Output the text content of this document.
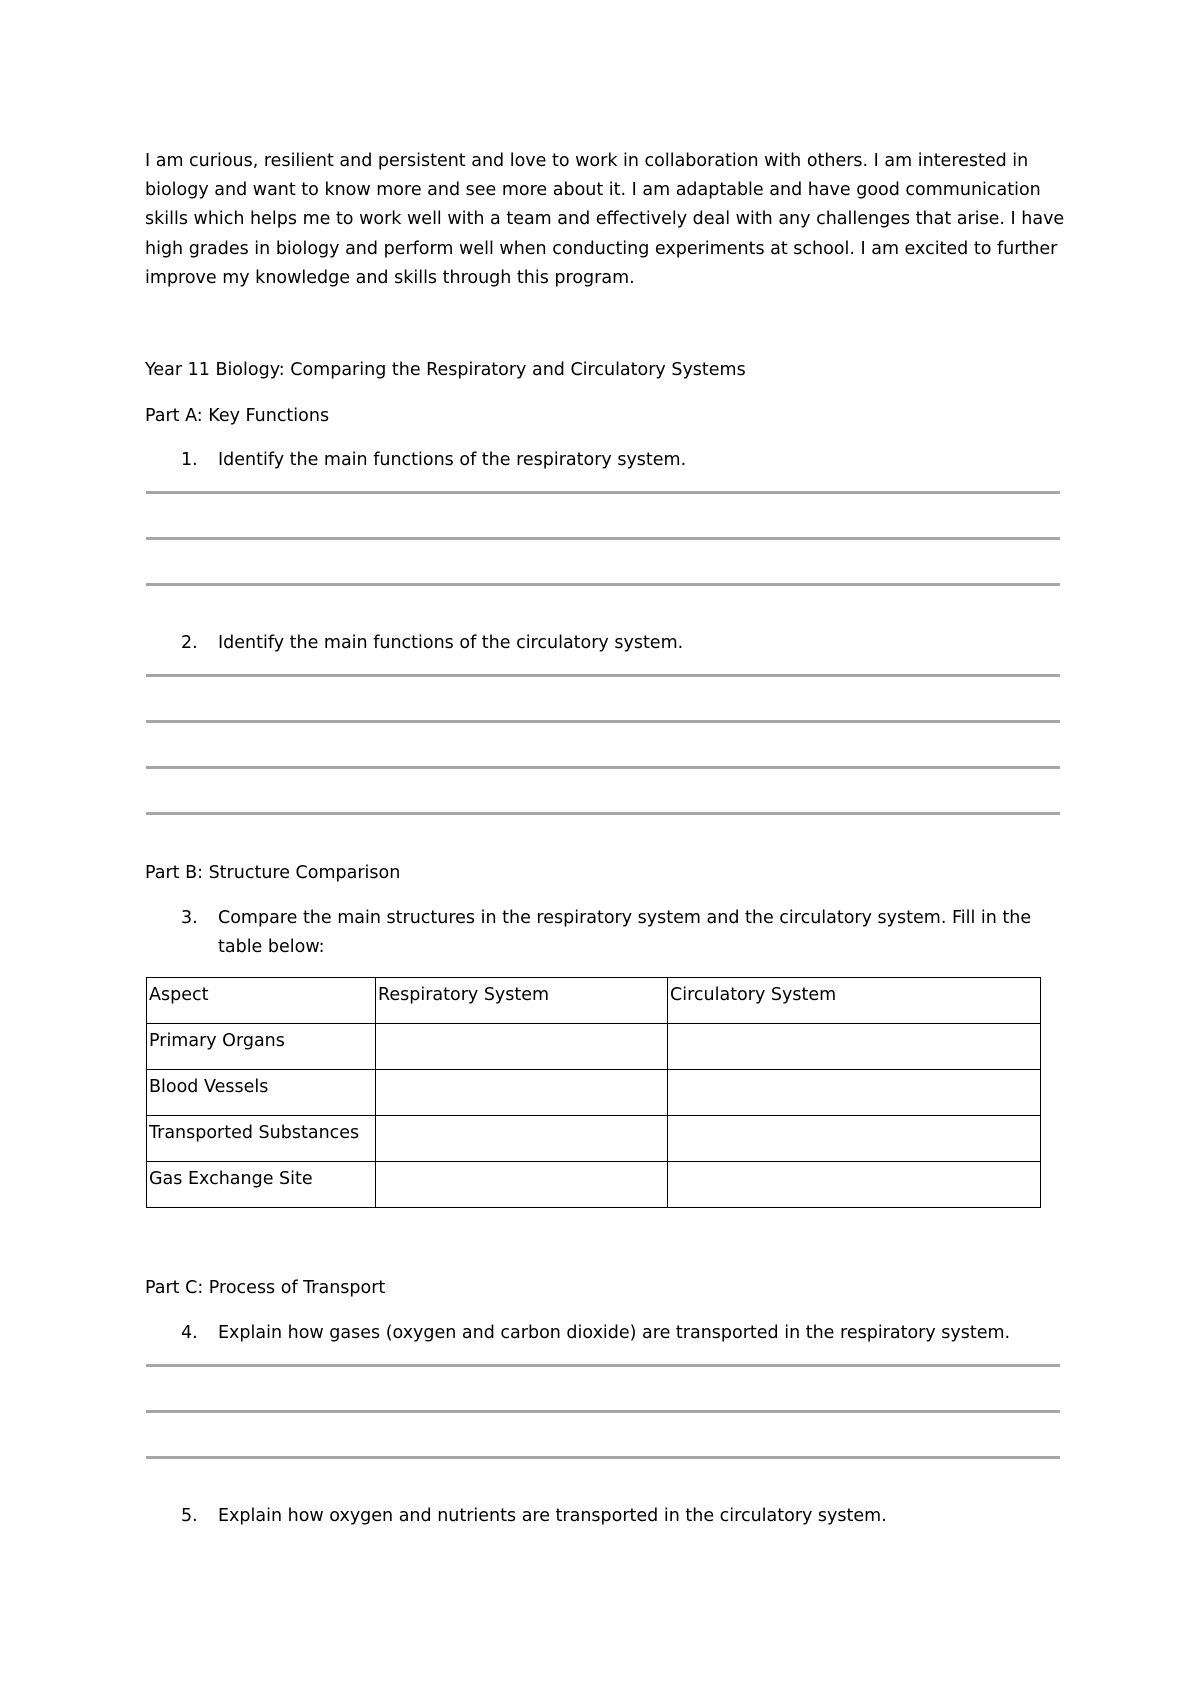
I am curious, resilient and persistent and love to work in collaboration with others. I am interested in biology and want to know more and see more about it. I am adaptable and have good communication skills which helps me to work well with a team and effectively deal with any challenges that arise. I have high grades in biology and perform well when conducting experiments at school. I am excited to further improve my knowledge and skills through this program.

Year 11 Biology: Comparing the Respiratory and Circulatory Systems

Part A: Key Functions

1. Identify the main functions of the respiratory system.
2. Identify the main functions of the circulatory system.

Part B: Structure Comparison

3. Compare the main structures in the respiratory system and the circulatory system. Fill in the table below:
Aspect	Respiratory System	Circulatory System
Primary Organs		
Blood Vessels		
Transported Substances		
Gas Exchange Site		

Part C: Process of Transport

4. Explain how gases (oxygen and carbon dioxide) are transported in the respiratory system.
5. Explain how oxygen and nutrients are transported in the circulatory system.
